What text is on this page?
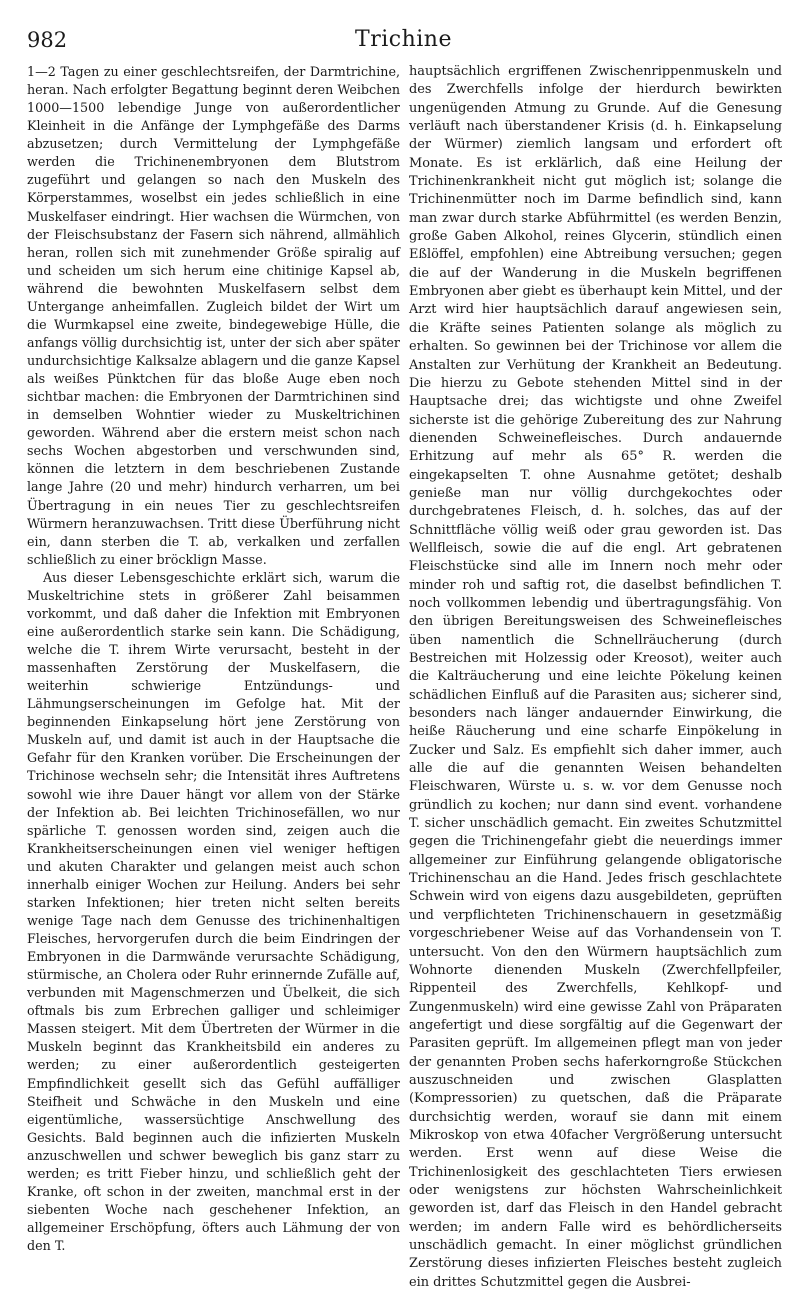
982	Trichine

1—2 Tagen zu einer geschlechtsreifen, der Darmtrichine, heran. Nach erfolgter Begattung beginnt deren Weibchen 1000—1500 lebendige Junge von außerordentlicher Kleinheit in die Anfänge der Lymphgefäße des Darms abzusetzen; durch Vermittelung der Lymphgefäße werden die Trichinenembryonen dem Blutstrom zugeführt und gelangen so nach den Muskeln des Körperstammes, woselbst ein jedes schließlich in eine Muskelfaser eindringt. Hier wachsen die Würmchen, von der Fleischsubstanz der Fasern sich nährend, allmählich heran, rollen sich mit zunehmender Größe spiralig auf und scheiden um sich herum eine chitinige Kapsel ab, während die bewohnten Muskelfasern selbst dem Untergange anheimfallen. Zugleich bildet der Wirt um die Wurmkapsel eine zweite, bindegewebige Hülle, die anfangs völlig durchsichtig ist, unter der sich aber später undurchsichtige Kalksalze ablagern und die ganze Kapsel als weißes Pünktchen für das bloße Auge eben noch sichtbar machen: die Embryonen der Darmtrichinen sind in demselben Wohntier wieder zu Muskeltrichinen geworden. Während aber die erstern meist schon nach sechs Wochen abgestorben und verschwunden sind, können die letztern in dem beschriebenen Zustande lange Jahre (20 und mehr) hindurch verharren, um bei Übertragung in ein neues Tier zu geschlechtsreifen Würmern heranzuwachsen. Tritt diese Überführung nicht ein, dann sterben die T. ab, verkalken und zerfallen schließlich zu einer bröcklign Masse.

Aus dieser Lebensgeschichte erklärt sich, warum die Muskeltrichine stets in größerer Zahl beisammen vorkommt, und daß daher die Infektion mit Embryonen eine außerordentlich starke sein kann. Die Schädigung, welche die T. ihrem Wirte verursacht, besteht in der massenhaften Zerstörung der Muskelfasern, die weiterhin schwierige Entzündungs- und Lähmungserscheinungen im Gefolge hat. Mit der beginnenden Einkapselung hört jene Zerstörung von Muskeln auf, und damit ist auch in der Hauptsache die Gefahr für den Kranken vorüber. Die Erscheinungen der Trichinose wechseln sehr; die Intensität ihres Auftretens sowohl wie ihre Dauer hängt vor allem von der Stärke der Infektion ab. Bei leichten Trichinosefällen, wo nur spärliche T. genossen worden sind, zeigen auch die Krankheitserscheinungen einen viel weniger heftigen und akuten Charakter und gelangen meist auch schon innerhalb einiger Wochen zur Heilung. Anders bei sehr starken Infektionen; hier treten nicht selten bereits wenige Tage nach dem Genusse des trichinenhaltigen Fleisches, hervorgerufen durch die beim Eindringen der Embryonen in die Darmwände verursachte Schädigung, stürmische, an Cholera oder Ruhr erinnernde Zufälle auf, verbunden mit Magenschmerzen und Übelkeit, die sich oftmals bis zum Erbrechen galliger und schleimiger Massen steigert. Mit dem Übertreten der Würmer in die Muskeln beginnt das Krankheitsbild ein anderes zu werden; zu einer außerordentlich gesteigerten Empfindlichkeit gesellt sich das Gefühl auffälliger Steifheit und Schwäche in den Muskeln und eine eigentümliche, wassersüchtige Anschwellung des Gesichts. Bald beginnen auch die infizierten Muskeln anzuschwellen und schwer beweglich bis ganz starr zu werden; es tritt Fieber hinzu, und schließlich geht der Kranke, oft schon in der zweiten, manchmal erst in der siebenten Woche nach geschehener Infektion, an allgemeiner Erschöpfung, öfters auch Lähmung der von den T.

hauptsächlich ergriffenen Zwischenrippenmuskeln und des Zwerchfells infolge der hierdurch bewirkten ungenügenden Atmung zu Grunde. Auf die Genesung verläuft nach überstandener Krisis (d. h. Einkapselung der Würmer) ziemlich langsam und erfordert oft Monate. Es ist erklärlich, daß eine Heilung der Trichinenkrankheit nicht gut möglich ist; solange die Trichinenmütter noch im Darme befindlich sind, kann man zwar durch starke Abführmittel (es werden Benzin, große Gaben Alkohol, reines Glycerin, stündlich einen Eßlöffel, empfohlen) eine Abtreibung versuchen; gegen die auf der Wanderung in die Muskeln begriffenen Embryonen aber giebt es überhaupt kein Mittel, und der Arzt wird hier hauptsächlich darauf angewiesen sein, die Kräfte seines Patienten solange als möglich zu erhalten. So gewinnen bei der Trichinose vor allem die Anstalten zur Verhütung der Krankheit an Bedeutung. Die hierzu zu Gebote stehenden Mittel sind in der Hauptsache drei; das wichtigste und ohne Zweifel sicherste ist die gehörige Zubereitung des zur Nahrung dienenden Schweinefleisches. Durch andauernde Erhitzung auf mehr als 65° R. werden die eingekapselten T. ohne Ausnahme getötet; deshalb genieße man nur völlig durchgekochtes oder durchgebratenes Fleisch, d. h. solches, das auf der Schnittfläche völlig weiß oder grau geworden ist. Das Wellfleisch, sowie die auf die engl. Art gebratenen Fleischstücke sind alle im Innern noch mehr oder minder roh und saftig rot, die daselbst befindlichen T. noch vollkommen lebendig und übertragungsfähig. Von den übrigen Bereitungsweisen des Schweinefleisches üben namentlich die Schnellräucherung (durch Bestreichen mit Holzessig oder Kreosot), weiter auch die Kalträucherung und eine leichte Pökelung keinen schädlichen Einfluß auf die Parasiten aus; sicherer sind, besonders nach länger andauernder Einwirkung, die heiße Räucherung und eine scharfe Einpökelung in Zucker und Salz. Es empfiehlt sich daher immer, auch alle die auf die genannten Weisen behandelten Fleischwaren, Würste u. s. w. vor dem Genusse noch gründlich zu kochen; nur dann sind event. vorhandene T. sicher unschädlich gemacht. Ein zweites Schutzmittel gegen die Trichinengefahr giebt die neuerdings immer allgemeiner zur Einführung gelangende obligatorische Trichinenschau an die Hand. Jedes frisch geschlachtete Schwein wird von eigens dazu ausgebildeten, geprüften und verpflichteten Trichinenschauern in gesetzmäßig vorgeschriebener Weise auf das Vorhandensein von T. untersucht. Von den den Würmern hauptsächlich zum Wohnorte dienenden Muskeln (Zwerchfellpfeiler, Rippenteil des Zwerchfells, Kehlkopf- und Zungenmuskeln) wird eine gewisse Zahl von Präparaten angefertigt und diese sorgfältig auf die Gegenwart der Parasiten geprüft. Im allgemeinen pflegt man von jeder der genannten Proben sechs haferkorngroße Stückchen auszuschneiden und zwischen Glasplatten (Kompressorien) zu quetschen, daß die Präparate durchsichtig werden, worauf sie dann mit einem Mikroskop von etwa 40facher Vergrößerung untersucht werden. Erst wenn auf diese Weise die Trichinenlosigkeit des geschlachteten Tiers erwiesen oder wenigstens zur höchsten Wahrscheinlichkeit geworden ist, darf das Fleisch in den Handel gebracht werden; im andern Falle wird es behördlicherseits unschädlich gemacht. In einer möglichst gründlichen Zerstörung dieses infizierten Fleisches besteht zugleich ein drittes Schutzmittel gegen die Ausbrei-
